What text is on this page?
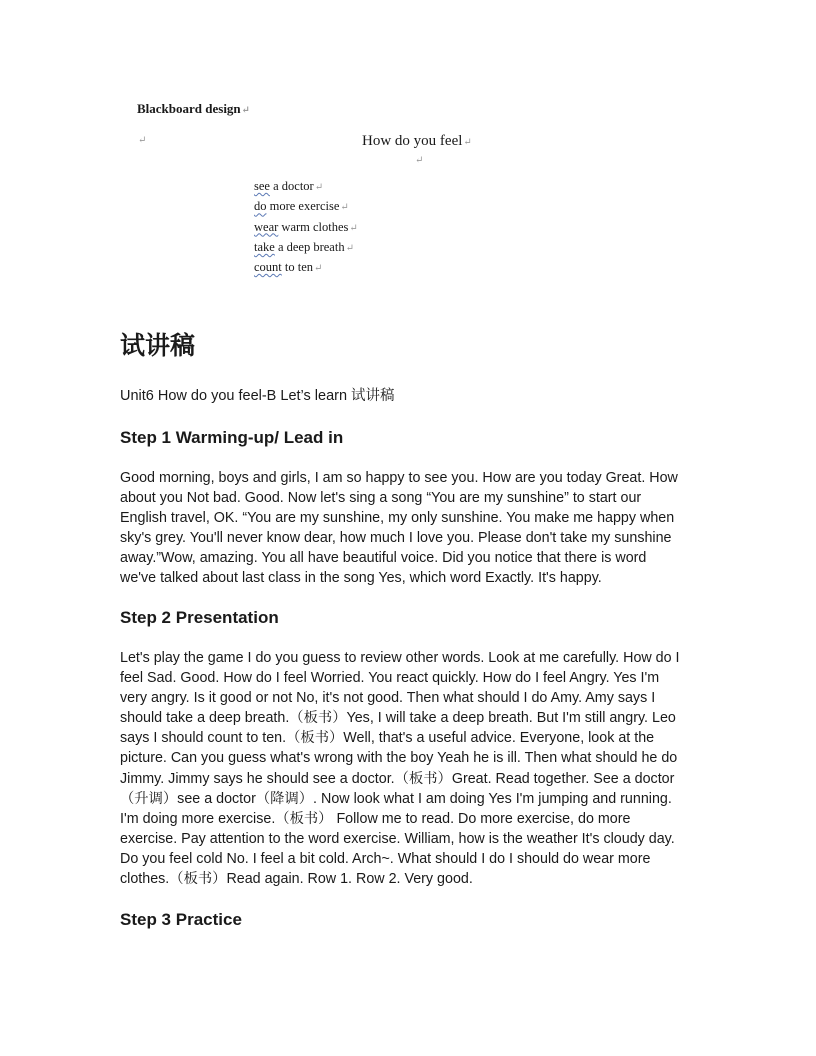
Blackboard design↵
↵	How do you feel↵
↵
see a doctor↵
do more exercise↵
wear warm clothes↵
take a deep breath↵
count to ten↵
试讲稿
Unit6 How do you feel-B Let’s learn 试讲稿
Step 1 Warming-up/ Lead in
Good morning, boys and girls, I am so happy to see you. How are you today Great. How
about you Not bad. Good. Now let's sing a song “You are my sunshine” to start our
English travel, OK. “You are my sunshine, my only sunshine. You make me happy when
sky's grey. You'll never know dear, how much I love you. Please don't take my sunshine
away.”Wow, amazing. You all have beautiful voice. Did you notice that there is word
we've talked about last class in the song Yes, which word Exactly. It's happy.
Step 2 Presentation
Let's play the game I do you guess to review other words. Look at me carefully. How do I
feel Sad. Good. How do I feel Worried. You react quickly. How do I feel Angry. Yes I'm
very angry. Is it good or not No, it's not good. Then what should I do Amy. Amy says I
should take a deep breath.（板书）Yes, I will take a deep breath. But I'm still angry. Leo
says I should count to ten.（板书）Well, that's a useful advice. Everyone, look at the
picture. Can you guess what's wrong with the boy Yeah he is ill. Then what should he do
Jimmy. Jimmy says he should see a doctor.（板书）Great. Read together. See a doctor
（升调）see a doctor（降调）. Now look what I am doing Yes I'm jumping and running.
I'm doing more exercise.（板书） Follow me to read. Do more exercise, do more
exercise. Pay attention to the word exercise. William, how is the weather It's cloudy day.
Do you feel cold No. I feel a bit cold. Arch~. What should I do I should do wear more
clothes.（板书）Read again. Row 1. Row 2. Very good.
Step 3 Practice
